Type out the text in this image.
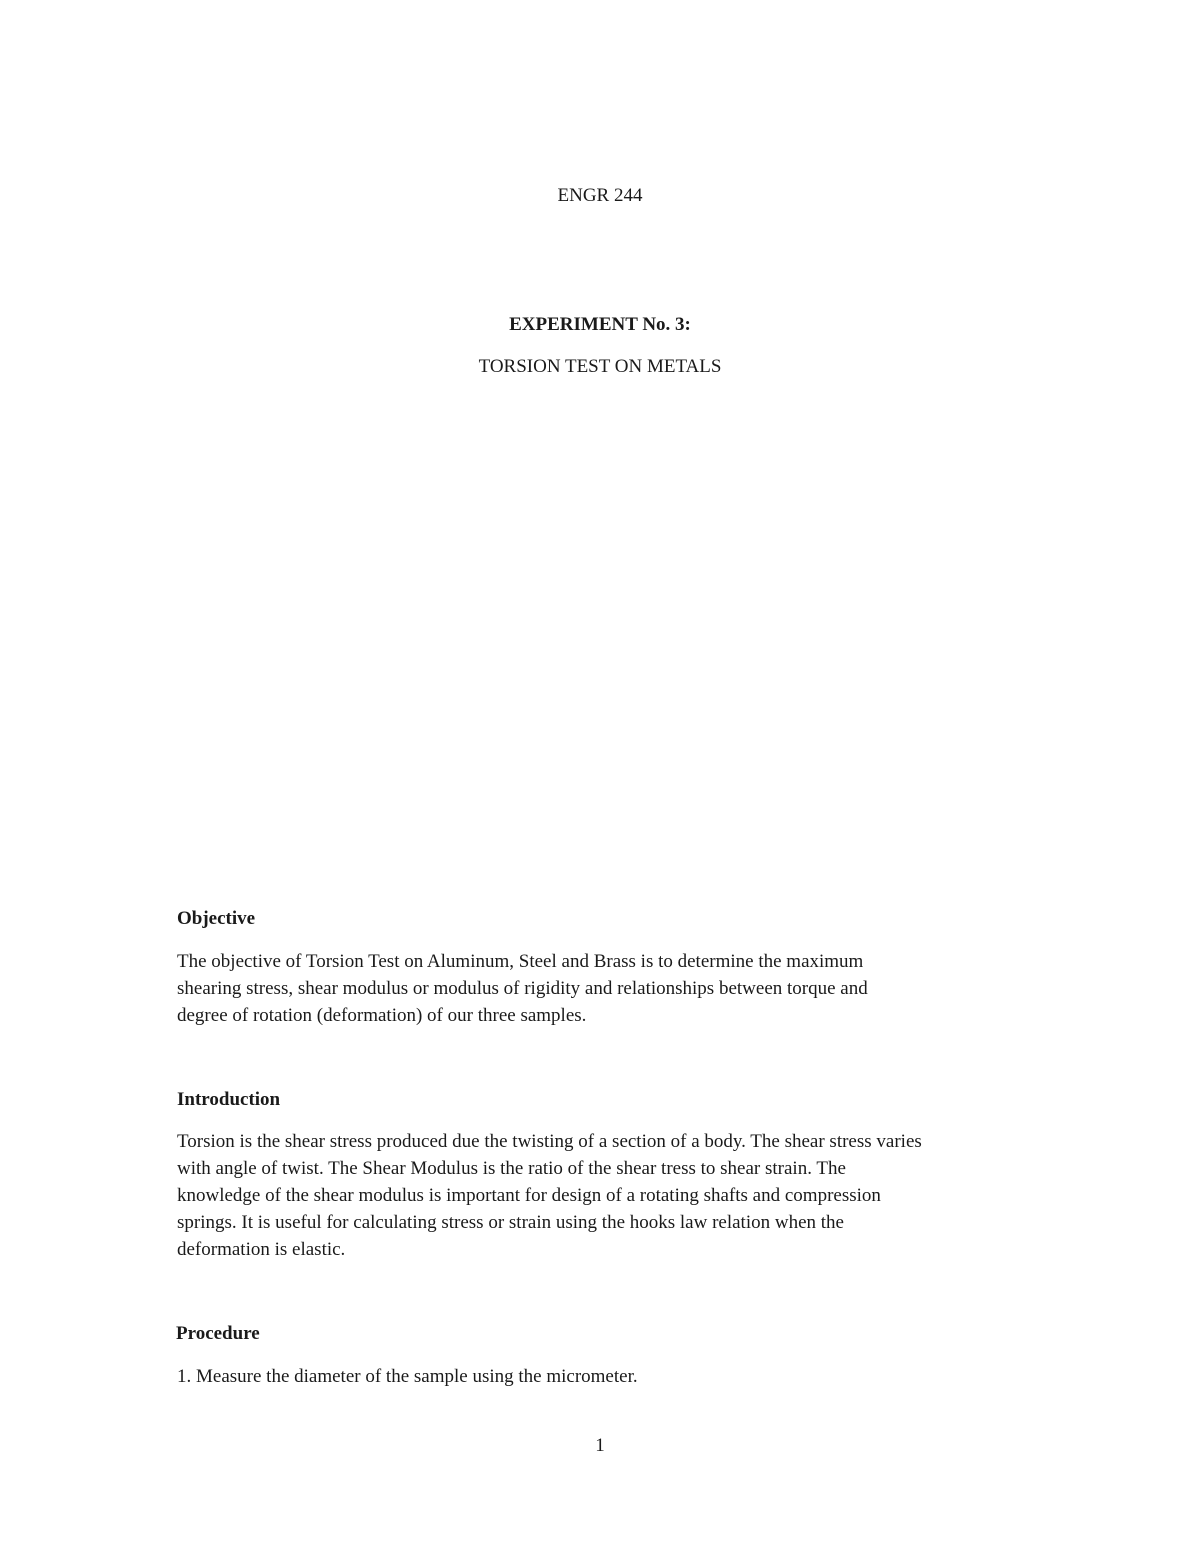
ENGR 244
EXPERIMENT No. 3:
TORSION TEST ON METALS
Objective
The objective of Torsion Test on Aluminum, Steel and Brass is to determine the maximum
shearing stress, shear modulus or modulus of rigidity and relationships between torque and
degree of rotation (deformation) of our three samples.
Introduction
Torsion is the shear stress produced due the twisting of a section of a body. The shear stress varies
with angle of twist. The Shear Modulus is the ratio of the shear tress to shear strain. The
knowledge of the shear modulus is important for design of a rotating shafts and compression
springs. It is useful for calculating stress or strain using the hooks law relation when the
deformation is elastic.
Procedure
1. Measure the diameter of the sample using the micrometer.
1
